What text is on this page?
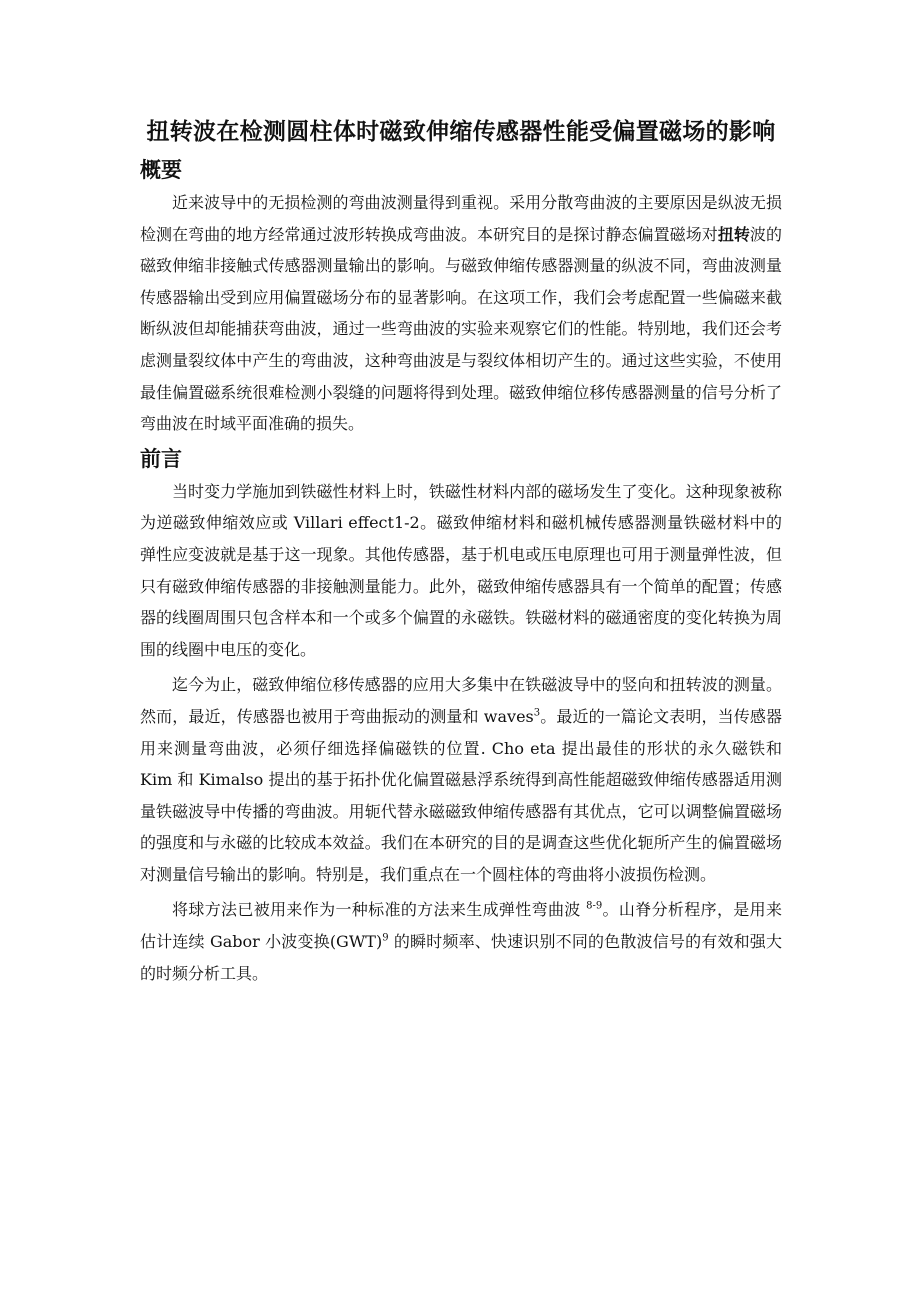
扭转波在检测圆柱体时磁致伸缩传感器性能受偏置磁场的影响
概要

近来波导中的无损检测的弯曲波测量得到重视。采用分散弯曲波的主要原因是纵波无损检测在弯曲的地方经常通过波形转换成弯曲波。本研究目的是探讨静态偏置磁场对扭转波的磁致伸缩非接触式传感器测量输出的影响。与磁致伸缩传感器测量的纵波不同，弯曲波测量传感器输出受到应用偏置磁场分布的显著影响。在这项工作，我们会考虑配置一些偏磁来截断纵波但却能捕获弯曲波，通过一些弯曲波的实验来观察它们的性能。特别地，我们还会考虑测量裂纹体中产生的弯曲波，这种弯曲波是与裂纹体相切产生的。通过这些实验，不使用最佳偏置磁系统很难检测小裂缝的问题将得到处理。磁致伸缩位移传感器测量的信号分析了弯曲波在时域平面准确的损失。

前言

当时变力学施加到铁磁性材料上时，铁磁性材料内部的磁场发生了变化。这种现象被称为逆磁致伸缩效应或 Villari effect1-2。磁致伸缩材料和磁机械传感器测量铁磁材料中的弹性应变波就是基于这一现象。其他传感器，基于机电或压电原理也可用于测量弹性波，但只有磁致伸缩传感器的非接触测量能力。此外，磁致伸缩传感器具有一个简单的配置；传感器的线圈周围只包含样本和一个或多个偏置的永磁铁。铁磁材料的磁通密度的变化转换为周围的线圈中电压的变化。

迄今为止，磁致伸缩位移传感器的应用大多集中在铁磁波导中的竖向和扭转波的测量。然而，最近，传感器也被用于弯曲振动的测量和 waves$^3$。最近的一篇论文表明，当传感器用来测量弯曲波，必须仔细选择偏磁铁的位置. Cho eta 提出最佳的形状的永久磁铁和 Kim 和 Kimalso 提出的基于拓扑优化偏置磁悬浮系统得到高性能超磁致伸缩传感器适用测量铁磁波导中传播的弯曲波。用轭代替永磁磁致伸缩传感器有其优点，它可以调整偏置磁场的强度和与永磁的比较成本效益。我们在本研究的目的是调查这些优化轭所产生的偏置磁场对测量信号输出的影响。特别是，我们重点在一个圆柱体的弯曲将小波损伤检测。

将球方法已被用来作为一种标准的方法来生成弹性弯曲波 $^{8-9}$。山脊分析程序，是用来估计连续 Gabor 小波变换(GWT)$^9$ 的瞬时频率、快速识别不同的色散波信号的有效和强大的时频分析工具。
